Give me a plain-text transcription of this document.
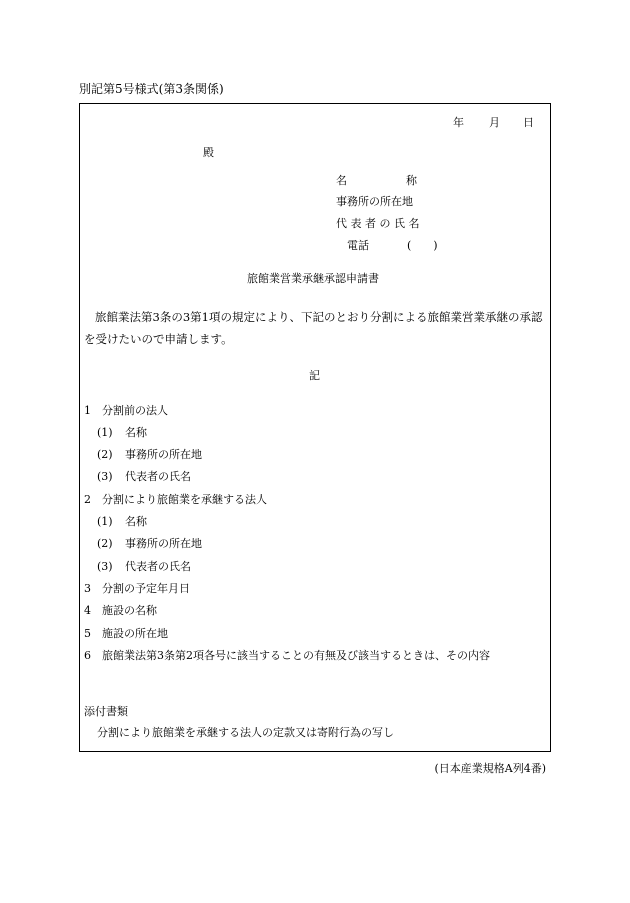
別記第5号様式(第3条関係)
年 月 日
殿
名	称
事務所の所在地
代 表 者 の 氏 名
電話	(　　)
旅館業営業承継承認申請書
旅館業法第3条の3第1項の規定により、下記のとおり分割による旅館業営業承継の承認
を受けたいので申請します。
記
1 分割前の法人
(1) 名称
(2) 事務所の所在地
(3) 代表者の氏名
2 分割により旅館業を承継する法人
(1) 名称
(2) 事務所の所在地
(3) 代表者の氏名
3 分割の予定年月日
4 施設の名称
5 施設の所在地
6 旅館業法第3条第2項各号に該当することの有無及び該当するときは、その内容
添付書類
分割により旅館業を承継する法人の定款又は寄附行為の写し
(日本産業規格A列4番)
